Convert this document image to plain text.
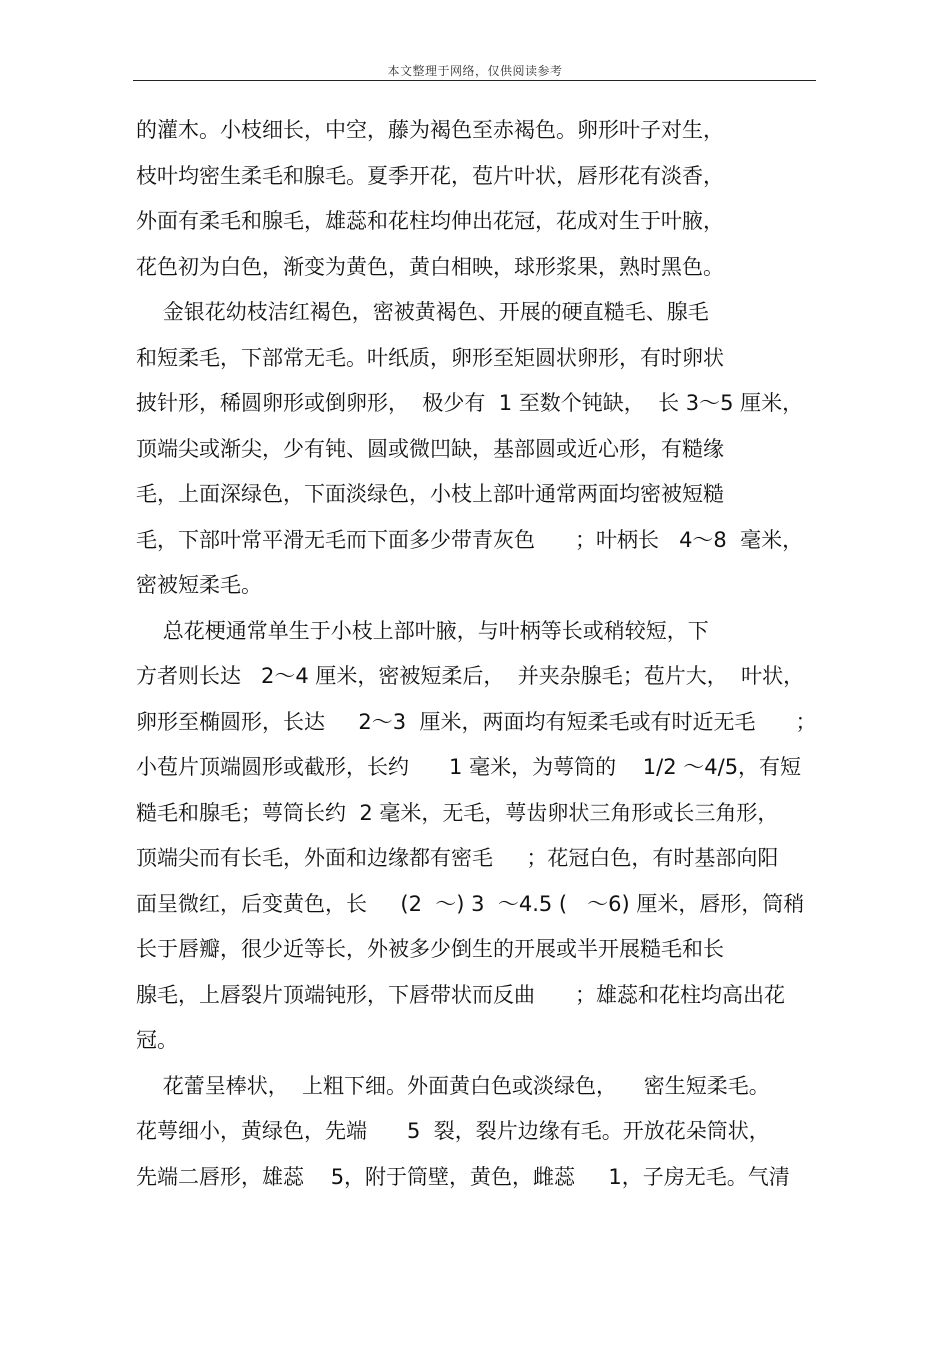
本文整理于网络，仅供阅读参考
的灌木。小枝细长，中空，藤为褐色至赤褐色。卵形叶子对生，
枝叶均密生柔毛和腺毛。夏季开花，苞片叶状，唇形花有淡香，
外面有柔毛和腺毛，雄蕊和花柱均伸出花冠，花成对生于叶腋，
花色初为白色，渐变为黄色，黄白相映，球形浆果，熟时黑色。
金银花幼枝洁红褐色，密被黄褐色、开展的硬直糙毛、腺毛
和短柔毛，下部常无毛。叶纸质，卵形至矩圆状卵形，有时卵状
披针形，稀圆卵形或倒卵形，  极少有  1 至数个钝缺，  长 3～5 厘米，
顶端尖或渐尖，少有钝、圆或微凹缺，基部圆或近心形，有糙缘
毛，上面深绿色，下面淡绿色，小枝上部叶通常两面均密被短糙
毛，下部叶常平滑无毛而下面多少带青灰色      ；叶柄长   4～8  毫米，
密被短柔毛。
总花梗通常单生于小枝上部叶腋，与叶柄等长或稍较短，下
方者则长达   2～4 厘米，密被短柔后，  并夹杂腺毛；苞片大，  叶状，
卵形至椭圆形，长达     2～3  厘米，两面均有短柔毛或有时近无毛      ；
小苞片顶端圆形或截形，长约      1 毫米，为萼筒的    1/2 ～4/5，有短
糙毛和腺毛；萼筒长约  2 毫米，无毛，萼齿卵状三角形或长三角形，
顶端尖而有长毛，外面和边缘都有密毛     ；花冠白色，有时基部向阳
面呈微红，后变黄色，长     (2  ～) 3  ～4.5 (   ～6) 厘米，唇形，筒稍
长于唇瓣，很少近等长，外被多少倒生的开展或半开展糙毛和长
腺毛，上唇裂片顶端钝形，下唇带状而反曲      ；雄蕊和花柱均高出花
冠。
花蕾呈棒状，  上粗下细。外面黄白色或淡绿色，    密生短柔毛。
花萼细小，黄绿色，先端      5  裂，裂片边缘有毛。开放花朵筒状，
先端二唇形，雄蕊    5，附于筒壁，黄色，雌蕊     1，子房无毛。气清
